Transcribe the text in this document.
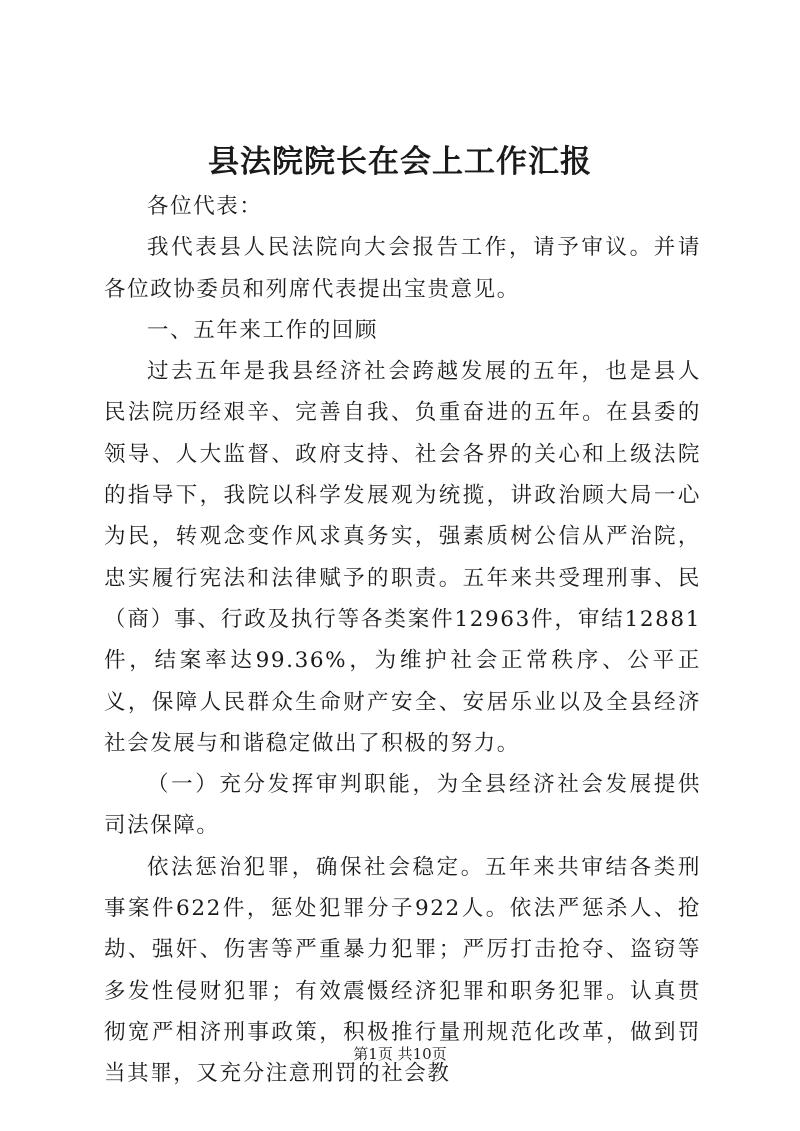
县法院院长在会上工作汇报

各位代表：

我代表县人民法院向大会报告工作，请予审议。并请各位政协委员和列席代表提出宝贵意见。

一、五年来工作的回顾

过去五年是我县经济社会跨越发展的五年，也是县人民法院历经艰辛、完善自我、负重奋进的五年。在县委的领导、人大监督、政府支持、社会各界的关心和上级法院的指导下，我院以科学发展观为统揽，讲政治顾大局一心为民，转观念变作风求真务实，强素质树公信从严治院，忠实履行宪法和法律赋予的职责。五年来共受理刑事、民（商）事、行政及执行等各类案件12963件，审结12881件，结案率达99.36%，为维护社会正常秩序、公平正义，保障人民群众生命财产安全、安居乐业以及全县经济社会发展与和谐稳定做出了积极的努力。

（一）充分发挥审判职能，为全县经济社会发展提供司法保障。

依法惩治犯罪，确保社会稳定。五年来共审结各类刑事案件622件，惩处犯罪分子922人。依法严惩杀人、抢劫、强奸、伤害等严重暴力犯罪；严厉打击抢夺、盗窃等多发性侵财犯罪；有效震慑经济犯罪和职务犯罪。认真贯彻宽严相济刑事政策，积极推行量刑规范化改革，做到罚当其罪，又充分注意刑罚的社会教

第1页 共10页
